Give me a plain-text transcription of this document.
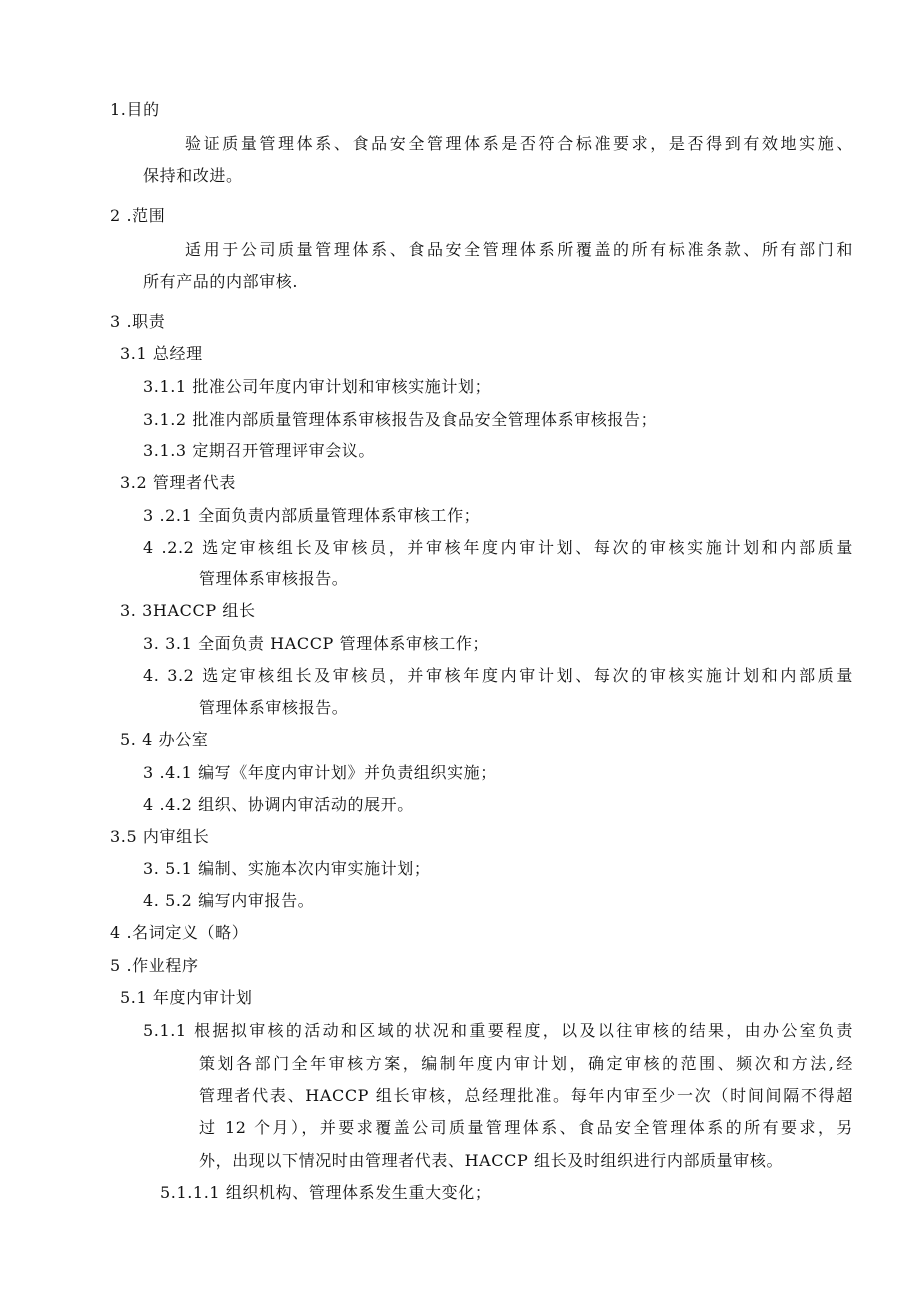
1.目的
验证质量管理体系、食品安全管理体系是否符合标准要求，是否得到有效地实施、
保持和改进。
2 .范围
适用于公司质量管理体系、食品安全管理体系所覆盖的所有标准条款、所有部门和
所有产品的内部审核.
3 .职责
3.1 总经理
3.1.1 批准公司年度内审计划和审核实施计划；
3.1.2 批准内部质量管理体系审核报告及食品安全管理体系审核报告；
3.1.3 定期召开管理评审会议。
3.2 管理者代表
3 .2.1 全面负责内部质量管理体系审核工作；
4 .2.2 选定审核组长及审核员，并审核年度内审计划、每次的审核实施计划和内部质量
管理体系审核报告。
3. 3HACCP 组长
3. 3.1 全面负责 HACCP 管理体系审核工作；
4. 3.2 选定审核组长及审核员，并审核年度内审计划、每次的审核实施计划和内部质量
管理体系审核报告。
5. 4 办公室
3 .4.1 编写《年度内审计划》并负责组织实施；
4 .4.2 组织、协调内审活动的展开。
3.5 内审组长
3. 5.1 编制、实施本次内审实施计划；
4. 5.2 编写内审报告。
4 .名词定义（略）
5 .作业程序
5.1 年度内审计划
5.1.1 根据拟审核的活动和区域的状况和重要程度，以及以往审核的结果，由办公室负责
策划各部门全年审核方案，编制年度内审计划，确定审核的范围、频次和方法,经
管理者代表、HACCP 组长审核，总经理批准。每年内审至少一次（时间间隔不得超
过 12 个月），并要求覆盖公司质量管理体系、食品安全管理体系的所有要求，另
外，出现以下情况时由管理者代表、HACCP 组长及时组织进行内部质量审核。
5.1.1.1 组织机构、管理体系发生重大变化；
